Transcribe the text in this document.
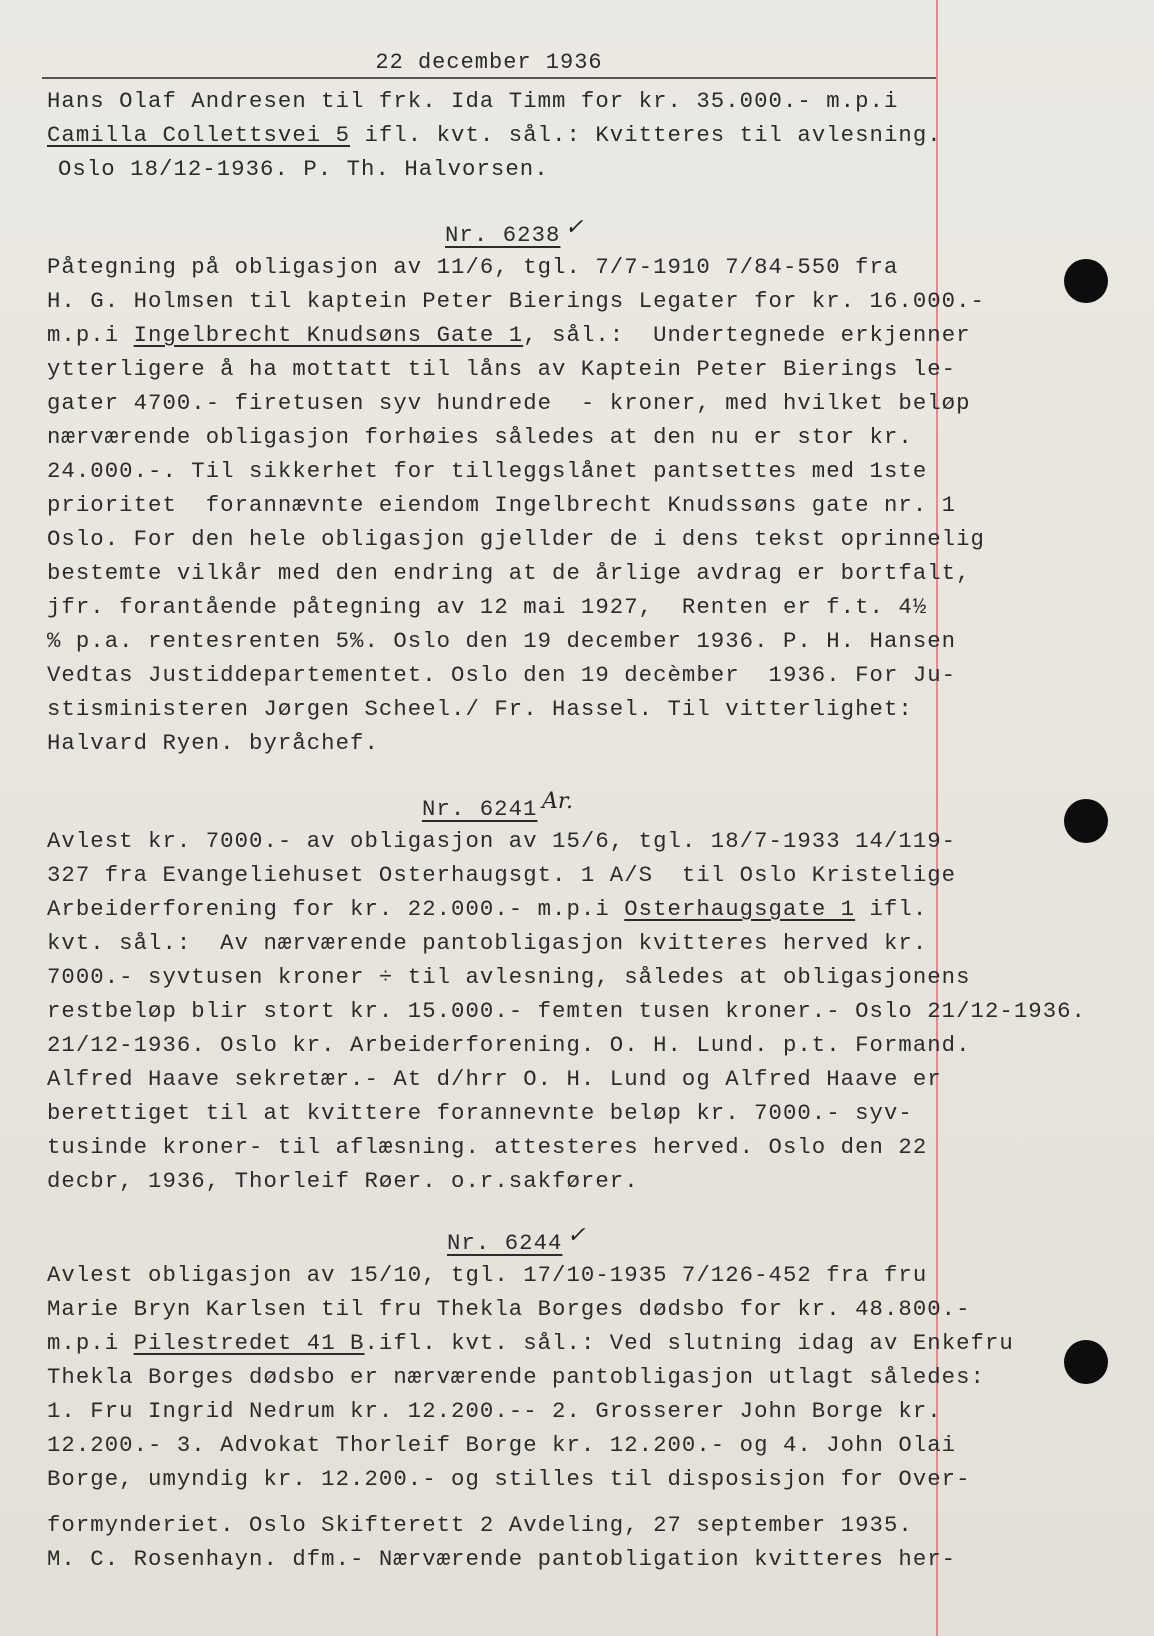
22 december 1936
Hans Olaf Andresen til frk. Ida Timm for kr. 35.000.- m.p.i
Camilla Collettsvei 5 ifl. kvt. sål.: Kvitteres til avlesning.
Oslo 18/12-1936. P. Th. Halvorsen.
Nr. 6238 ✓
Påtegning på obligasjon av 11/6, tgl. 7/7-1910 7/84-550 fra
H. G. Holmsen til kaptein Peter Bierings Legater for kr. 16.000.-
m.p.i Ingelbrecht Knudsøns Gate 1, sål.:  Undertegnede erkjenner
ytterligere å ha mottatt til låns av Kaptein Peter Bierings le-
gater 4700.- firetusen syv hundrede  - kroner, med hvilket beløp
nærværende obligasjon forhøies således at den nu er stor kr.
24.000.-. Til sikkerhet for tilleggslånet pantsettes med 1ste
prioritet  forannævnte eiendom Ingelbrecht Knudssøns gate nr. 1
Oslo. For den hele obligasjon gjellder de i dens tekst oprinnelig
bestemte vilkår med den endring at de årlige avdrag er bortfalt,
jfr. forantående påtegning av 12 mai 1927,  Renten er f.t. 4½
% p.a. rentesrenten 5%. Oslo den 19 december 1936. P. H. Hansen
Vedtas Justiddepartementet. Oslo den 19 decèmber  1936. For Ju-
stisministeren Jørgen Scheel./ Fr. Hassel. Til vitterlighet:
Halvard Ryen. byråchef.
Nr. 6241 Ar.
Avlest kr. 7000.- av obligasjon av 15/6, tgl. 18/7-1933 14/119-
327 fra Evangeliehuset Osterhaugsgt. 1 A/S  til Oslo Kristelige
Arbeiderforening for kr. 22.000.- m.p.i Osterhaugsgate 1 ifl.
kvt. sål.:  Av nærværende pantobligasjon kvitteres herved kr.
7000.- syvtusen kroner ÷ til avlesning, således at obligasjonens
restbeløp blir stort kr. 15.000.- femten tusen kroner.- Oslo 21/12-1936.
21/12-1936. Oslo kr. Arbeiderforening. O. H. Lund. p.t. Formand.
Alfred Haave sekretær.- At d/hrr O. H. Lund og Alfred Haave er
berettiget til at kvittere forannevnte beløp kr. 7000.- syv-
tusinde kroner- til aflæsning. attesteres herved. Oslo den 22
decbr, 1936, Thorleif Røer. o.r.sakfører.
Nr. 6244 ✓
Avlest obligasjon av 15/10, tgl. 17/10-1935 7/126-452 fra fru
Marie Bryn Karlsen til fru Thekla Borges dødsbo for kr. 48.800.-
m.p.i Pilestredet 41 B.ifl. kvt. sål.: Ved slutning idag av Enkefru
Thekla Borges dødsbo er nærværende pantobligasjon utlagt således:
1. Fru Ingrid Nedrum kr. 12.200.-- 2. Grosserer John Borge kr.
12.200.- 3. Advokat Thorleif Borge kr. 12.200.- og 4. John Olai
Borge, umyndig kr. 12.200.- og stilles til disposisjon for Over-
formynderiet. Oslo Skifterett 2 Avdeling, 27 september 1935.
M. C. Rosenhayn. dfm.- Nærværende pantobligation kvitteres her-
